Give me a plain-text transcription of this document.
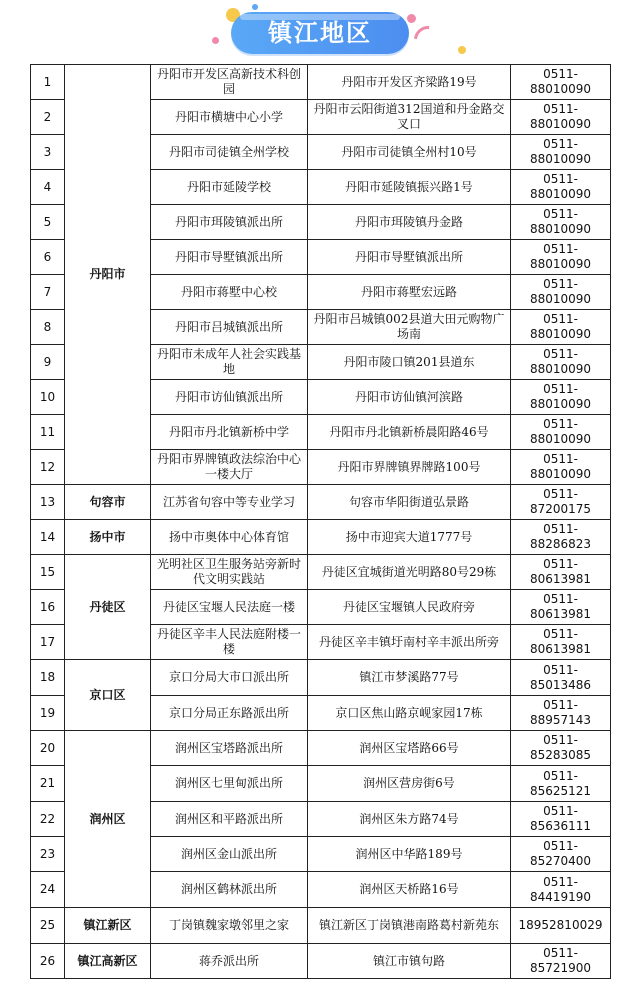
镇江地区
1	丹阳市	丹阳市开发区高新技术科创园	丹阳市开发区齐梁路19号	0511-88010090
2		丹阳市横塘中心小学	丹阳市云阳街道312国道和丹金路交叉口	0511-88010090
3		丹阳市司徒镇全州学校	丹阳市司徒镇全州村10号	0511-88010090
4		丹阳市延陵学校	丹阳市延陵镇振兴路1号	0511-88010090
5		丹阳市珥陵镇派出所	丹阳市珥陵镇丹金路	0511-88010090
6		丹阳市导墅镇派出所	丹阳市导墅镇派出所	0511-88010090
7		丹阳市蒋墅中心校	丹阳市蒋墅宏远路	0511-88010090
8		丹阳市吕城镇派出所	丹阳市吕城镇002县道大田元购物广场南	0511-88010090
9		丹阳市未成年人社会实践基地	丹阳市陵口镇201县道东	0511-88010090
10		丹阳市访仙镇派出所	丹阳市访仙镇河滨路	0511-88010090
11		丹阳市丹北镇新桥中学	丹阳市丹北镇新桥晨阳路46号	0511-88010090
12		丹阳市界牌镇政法综治中心一楼大厅	丹阳市界牌镇界牌路100号	0511-88010090
13	句容市	江苏省句容中等专业学习	句容市华阳街道弘景路	0511-87200175
14	扬中市	扬中市奥体中心体育馆	扬中市迎宾大道1777号	0511-88286823
15	丹徒区	光明社区卫生服务站旁新时代文明实践站	丹徒区宜城街道光明路80号29栋	0511-80613981
16		丹徒区宝堰人民法庭一楼	丹徒区宝堰镇人民政府旁	0511-80613981
17		丹徒区辛丰人民法庭附楼一楼	丹徒区辛丰镇圩南村辛丰派出所旁	0511-80613981
18	京口区	京口分局大市口派出所	镇江市梦溪路77号	0511-85013486
19		京口分局正东路派出所	京口区焦山路京岘家园17栋	0511-88957143
20	润州区	润州区宝塔路派出所	润州区宝塔路66号	0511-85283085
21		润州区七里甸派出所	润州区营房街6号	0511-85625121
22		润州区和平路派出所	润州区朱方路74号	0511-85636111
23		润州区金山派出所	润州区中华路189号	0511-85270400
24		润州区鹤林派出所	润州区天桥路16号	0511-84419190
25	镇江新区	丁岗镇魏家墩邻里之家	镇江新区丁岗镇港南路葛村新苑东	18952810029
26	镇江高新区	蒋乔派出所	镇江市镇句路	0511-85721900
